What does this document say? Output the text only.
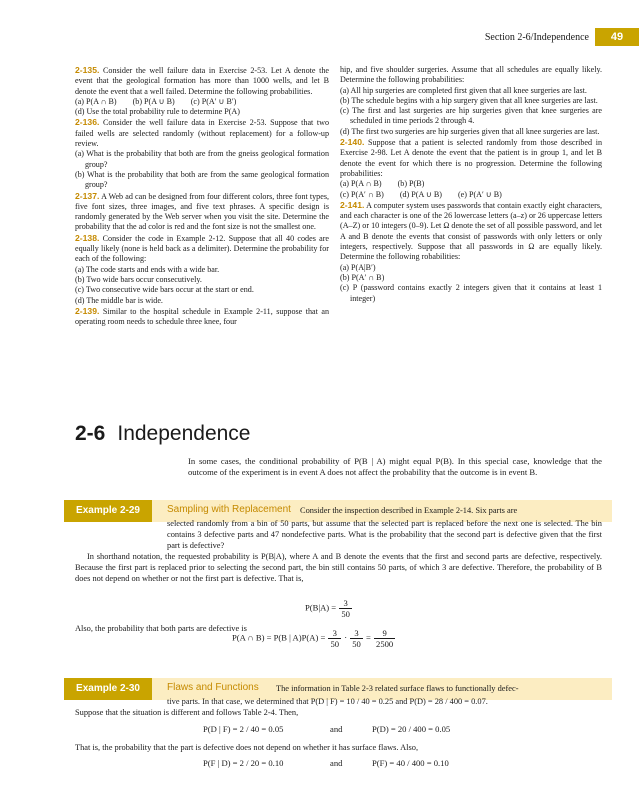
Section 2-6/Independence	49
2-135. Consider the well failure data in Exercise 2-53. Let A denote the event that the geological formation has more than 1000 wells, and let B denote the event that a well failed. Determine the following probabilities.
(a) P(A ∩ B) (b) P(A ∪ B) (c) P(A′ ∪ B′)
(d) Use the total probability rule to determine P(A)
2-136. Consider the well failure data in Exercise 2-53. Suppose that two failed wells are selected randomly (without replacement) for a follow-up review.
(a) What is the probability that both are from the gneiss geological formation group?
(b) What is the probability that both are from the same geological formation group?
2-137. A Web ad can be designed from four different colors, three font types, five font sizes, three images, and five text phrases. A specific design is randomly generated by the Web server when you visit the site. Determine the probability that the ad color is red and the font size is not the smallest one.
2-138. Consider the code in Example 2-12. Suppose that all 40 codes are equally likely (none is held back as a delimiter). Determine the probability for each of the following:
(a) The code starts and ends with a wide bar.
(b) Two wide bars occur consecutively.
(c) Two consecutive wide bars occur at the start or end.
(d) The middle bar is wide.
2-139. Similar to the hospital schedule in Example 2-11, suppose that an operating room needs to schedule three knee, four
hip, and five shoulder surgeries. Assume that all schedules are equally likely. Determine the following probabilities:
(a) All hip surgeries are completed first given that all knee surgeries are last.
(b) The schedule begins with a hip surgery given that all knee surgeries are last.
(c) The first and last surgeries are hip surgeries given that knee surgeries are scheduled in time periods 2 through 4.
(d) The first two surgeries are hip surgeries given that all knee surgeries are last.
2-140. Suppose that a patient is selected randomly from those described in Exercise 2-98. Let A denote the event that the patient is in group 1, and let B denote the event for which there is no progression. Determine the following probabilities:
(a) P(A ∩ B) (b) P(B)
(c) P(A′ ∩ B) (d) P(A ∪ B) (e) P(A′ ∪ B)
2-141. A computer system uses passwords that contain exactly eight characters, and each character is one of the 26 lowercase letters (a–z) or 26 uppercase letters (A–Z) or 10 integers (0–9). Let Ω denote the set of all possible password, and let A and B denote the events that consist of passwords with only letters or only integers, respectively. Suppose that all passwords in Ω are equally likely. Determine the following robabilities:
(a) P(A|B′)
(b) P(A′ ∩ B)
(c) P (password contains exactly 2 integers given that it contains at least 1 integer)
2-6 Independence
In some cases, the conditional probability of P(B | A) might equal P(B). In this special case, knowledge that the outcome of the experiment is in event A does not affect the probability that the outcome is in event B.
Example 2-29	Sampling with Replacement Consider the inspection described in Example 2-14. Six parts are

selected randomly from a bin of 50 parts, but assume that the selected part is replaced before the next one is selected. The bin contains 3 defective parts and 47 nondefective parts. What is the probability that the second part is defective given that the first part is defective?

In shorthand notation, the requested probability is P(B|A), where A and B denote the events that the first and second parts are defective, respectively. Because the first part is replaced prior to selecting the second part, the bin still contains 50 parts, of which 3 are defective. Therefore, the probability of B does not depend on whether or not the first part is defective. That is,

$P(B|A) = \frac{3}{50}$

Also, the probability that both parts are defective is

P(A ∩ B) = P(B | $A)P(A) = \frac{3}{50} \cdot \frac{3}{50} = \frac{9}{2500}$
Example 2-30	Flaws and Functions The information in Table 2-3 related surface flaws to functionally defec-

tive parts. In that case, we determined that P(D | F) = 10 / 40 = 0.25 and P(D) = 28 / 400 = 0.07.

Suppose that the situation is different and follows Table 2-4. Then,

P(D | F) = 2 / 40 = 0.05	and	P(D) = 20 / 400 = 0.05

That is, the probability that the part is defective does not depend on whether it has surface flaws. Also,

P(F | D) = 2 / 20 = 0.10	and	P(F) = 40 / 400 = 0.10
